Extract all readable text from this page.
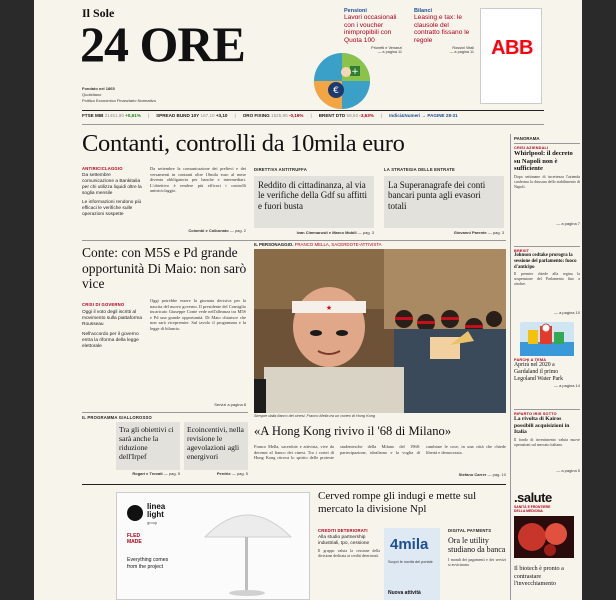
Il Sole
24 ORE
Fondato nel 1865
Quotidiano
Politico Economico Finanziario Normativo
Pensioni
Lavori occasionali con i voucher inimpropibili con Quota 100
Prioretti e Venanzi
— a pagina 11
Bilanci
Leasing e tax: le clausole del contratto fissano le regole
Rossini Vitali
— a pagina 11
€
+
ABB
FTSE MIB 21451,90 +0,61% | SPREAD BUND 10Y 167,10 +3,10 | ORO FIXING 1525,95 -0,16% | BRENT DTD 58,92 -3,63% | Indici&Numeri → PAGINE 28-31
Contanti, controlli da 10mila euro
ANTIRICICLAGGIO
Da settembre comunicazione a Bankitalia per chi utilizza liquidi oltre la soglia mensile
Le informazioni rendono più efficaci le verifiche sulle operazioni sospette
Da settembre la comunicazione dei prelievi e dei versamenti in contanti oltre 10mila euro al mese diventa obbligatoria per banche e intermediari. L'obiettivo è rendere più efficaci i controlli antiriciclaggio.
Colombi e Colbonato — pag. 2
DIRETTIVA ANTITRUFFA
Reddito di cittadinanza, al via le verifiche della Gdf su affitti e fuori busta
Ivan Cimmarusti e Marco Mobili — pag. 3
LA STRATEGIA DELLE ENTRATE
La Superanagrafe dei conti bancari punta agli evasori totali
Giovanni Parente — pag. 3
Conte: con M5S e Pd grande opportunità Di Maio: non sarò vice
CRISI DI GOVERNO
Oggi il voto degli iscritti al movimento sulla piattaforma Rousseau
Nell'accordo per il governo entra la riforma della legge elettorale
Oggi potrebbe essere la giornata decisiva per la nascita del nuovo governo. Il presidente del Consiglio incaricato Giuseppe Conte vede nell'alleanza tra M5S e Pd una grande opportunità. Di Maio chiarisce che non sarà vicepremier. Sul tavolo il programma e la legge di bilancio.
Servizi a pagina 8
IL PROGRAMMA GIALLOROSSO
Tra gli obiettivi ci sarà anche la riduzione dell'Irpef
Rogari e Trovati — pag. 5
Ecoincentivi, nella revisione le agevolazioni agli energivori
Perdrix — pag. 5
IL PERSONAGGIO. FRANCO MELLA, SACERDOTE-ATTIVISTA
★
Sempre dalla fianco dei cinesi. Franco Mella tra un corteo di Hong Kong
«A Hong Kong rivivo il '68 di Milano»
Franco Mella, sacerdote e attivista, vive da decenni al fianco dei cinesi. Tra i cortei di Hong Kong ritrova lo spirito delle proteste studentesche della Milano del 1968: partecipazione, idealismo e la voglia di cambiare le cose, in una città che chiede libertà e democrazia.
Stefano Carrer — pag. 10
PANORAMA
CRISI AZIENDALI
Whirlpool: il decreto su Napoli non è sufficiente
Dopo settimane di incertezza l'azienda conferma la chiusura dello stabilimento di Napoli.
— a pagina 7
BREXIT
Johnson cedtake prorogra la sessione del parlamento: fuoco d'anticipo
Il premier chiede alla regina la sospensione del Parlamento fino a ottobre.
— a pagina 10
PARCHI A TEMA
Aprirà nel 2020 a Gardaland il primo Legoland Water Park
— a pagina 14
RIPARTO IRIS SOTTO
La rivolta di Kairos possibili acquisizioni in Italia
Il fondo di investimento valuta nuove operazioni sul mercato italiano.
— a pagina 5
linea light
group
FLED
MADE
Everything comes
from the project
Cerved rompe gli indugi e mette sul mercato la divisione Npl
CREDITI DETERIORATI
Alla studio partnership industriali, tpo, cessione
Il gruppo valuta la cessione della divisione dedicata ai crediti deteriorati.
4mila
Scopri le novità del portale
Nuova attività
DIGITAL PAYMENTS
Ora le utility studiano da banca
I mondi dei pagamenti e dei servizi si avvicinano.
.salute
SANITÀ E FRONTIERE DELLA MEDICINA
Il biotech è pronto a contrastare l'invecchiamento
